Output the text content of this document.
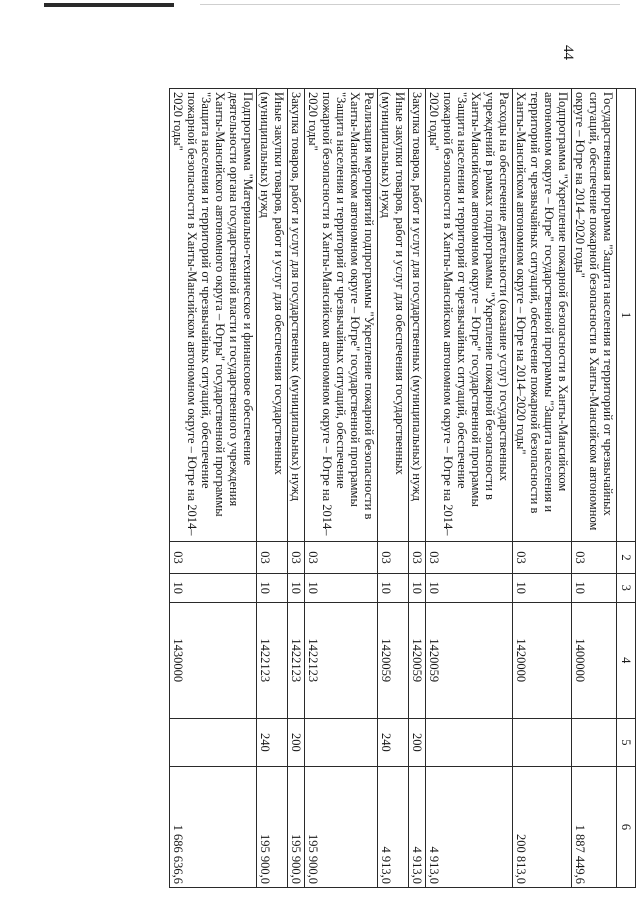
44
1	2	3	4	5	6
Государственная программа "Защита населения и территорий от чрезвычайных ситуаций, обеспечение пожарной безопасности в Ханты-Мансийском автономном округе – Югре на 2014–2020 годы"	03	10	1400000		1 887 449,6
Подпрограмма "Укрепление пожарной безопасности в Ханты-Мансийском автономном округе – Югре" государственной программы "Защита населения и территорий от чрезвычайных ситуаций, обеспечение пожарной безопасности в Ханты-Мансийском автономном округе – Югре на 2014–2020 годы"	03	10	1420000		200 813,0
Расходы на обеспечение деятельности (оказание услуг) государственных учреждений в рамках подпрограммы "Укрепление пожарной безопасности в Ханты-Мансийском автономном округе – Югре" государственной программы "Защита населения и территорий от чрезвычайных ситуаций, обеспечение пожарной безопасности в Ханты-Мансийском автономном округе – Югре на 2014–2020 годы"	03	10	1420059		4 913,0
Закупка товаров, работ и услуг для государственных (муниципальных) нужд	03	10	1420059	200	4 913,0
Иные закупки товаров, работ и услуг для обеспечения государственных (муниципальных) нужд	03	10	1420059	240	4 913,0
Реализация мероприятий подпрограммы "Укрепление пожарной безопасности в Ханты-Мансийском автономном округе – Югре" государственной программы "Защита населения и территорий от чрезвычайных ситуаций, обеспечение пожарной безопасности в Ханты-Мансийском автономном округе – Югре на 2014–2020 годы"	03	10	1422123		195 900,0
Закупка товаров, работ и услуг для государственных (муниципальных) нужд	03	10	1422123	200	195 900,0
Иные закупки товаров, работ и услуг для обеспечения государственных (муниципальных) нужд	03	10	1422123	240	195 900,0
Подпрограмма "Материально-техническое и финансовое обеспечение деятельности органа государственной власти и государственного учреждения Ханты-Мансийского автономного округа – Югры" государственной программы "Защита населения и территорий от чрезвычайных ситуаций, обеспечение пожарной безопасности в Ханты-Мансийском автономном округе – Югре на 2014–2020 годы"	03	10	1430000		1 686 636,6
